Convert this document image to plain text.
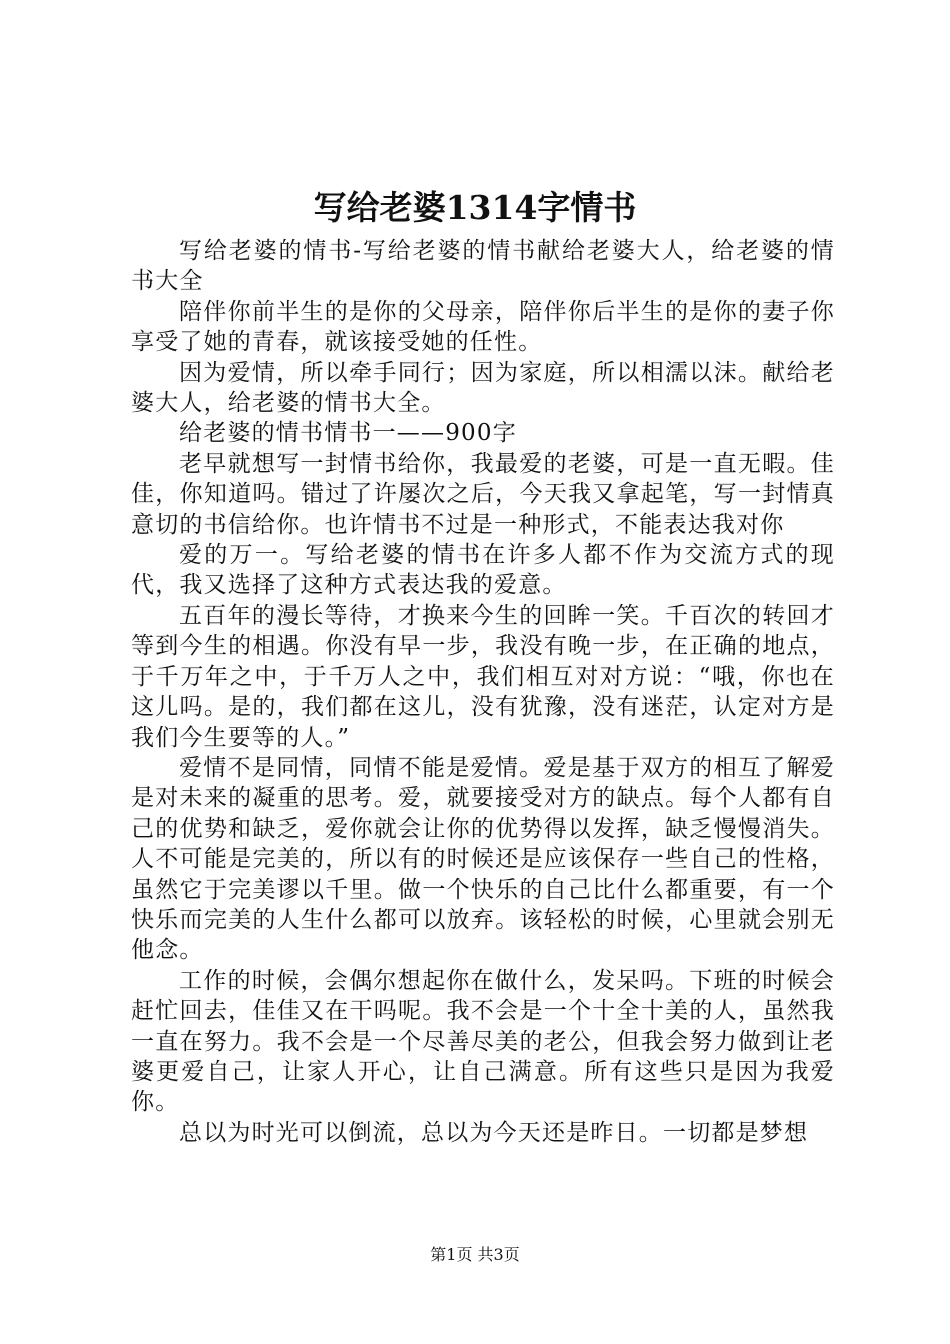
写给老婆1314字情书

写给老婆的情书-写给老婆的情书献给老婆大人，给老婆的情书大全

陪伴你前半生的是你的父母亲，陪伴你后半生的是你的妻子你享受了她的青春，就该接受她的任性。

因为爱情，所以牵手同行；因为家庭，所以相濡以沫。献给老婆大人，给老婆的情书大全。

给老婆的情书情书一——900字

老早就想写一封情书给你，我最爱的老婆，可是一直无暇。佳佳，你知道吗。错过了许屡次之后，今天我又拿起笔，写一封情真意切的书信给你。也许情书不过是一种形式，不能表达我对你

爱的万一。写给老婆的情书在许多人都不作为交流方式的现代，我又选择了这种方式表达我的爱意。

五百年的漫长等待，才换来今生的回眸一笑。千百次的转回才等到今生的相遇。你没有早一步，我没有晚一步，在正确的地点，于千万年之中，于千万人之中，我们相互对对方说：“哦，你也在这儿吗。是的，我们都在这儿，没有犹豫，没有迷茫，认定对方是我们今生要等的人。”

爱情不是同情，同情不能是爱情。爱是基于双方的相互了解爱是对未来的凝重的思考。爱，就要接受对方的缺点。每个人都有自己的优势和缺乏，爱你就会让你的优势得以发挥，缺乏慢慢消失。人不可能是完美的，所以有的时候还是应该保存一些自己的性格，虽然它于完美谬以千里。做一个快乐的自己比什么都重要，有一个快乐而完美的人生什么都可以放弃。该轻松的时候，心里就会别无他念。

工作的时候，会偶尔想起你在做什么，发呆吗。下班的时候会赶忙回去，佳佳又在干吗呢。我不会是一个十全十美的人，虽然我一直在努力。我不会是一个尽善尽美的老公，但我会努力做到让老婆更爱自己，让家人开心，让自己满意。所有这些只是因为我爱你。

总以为时光可以倒流，总以为今天还是昨日。一切都是梦想

第1页 共3页
